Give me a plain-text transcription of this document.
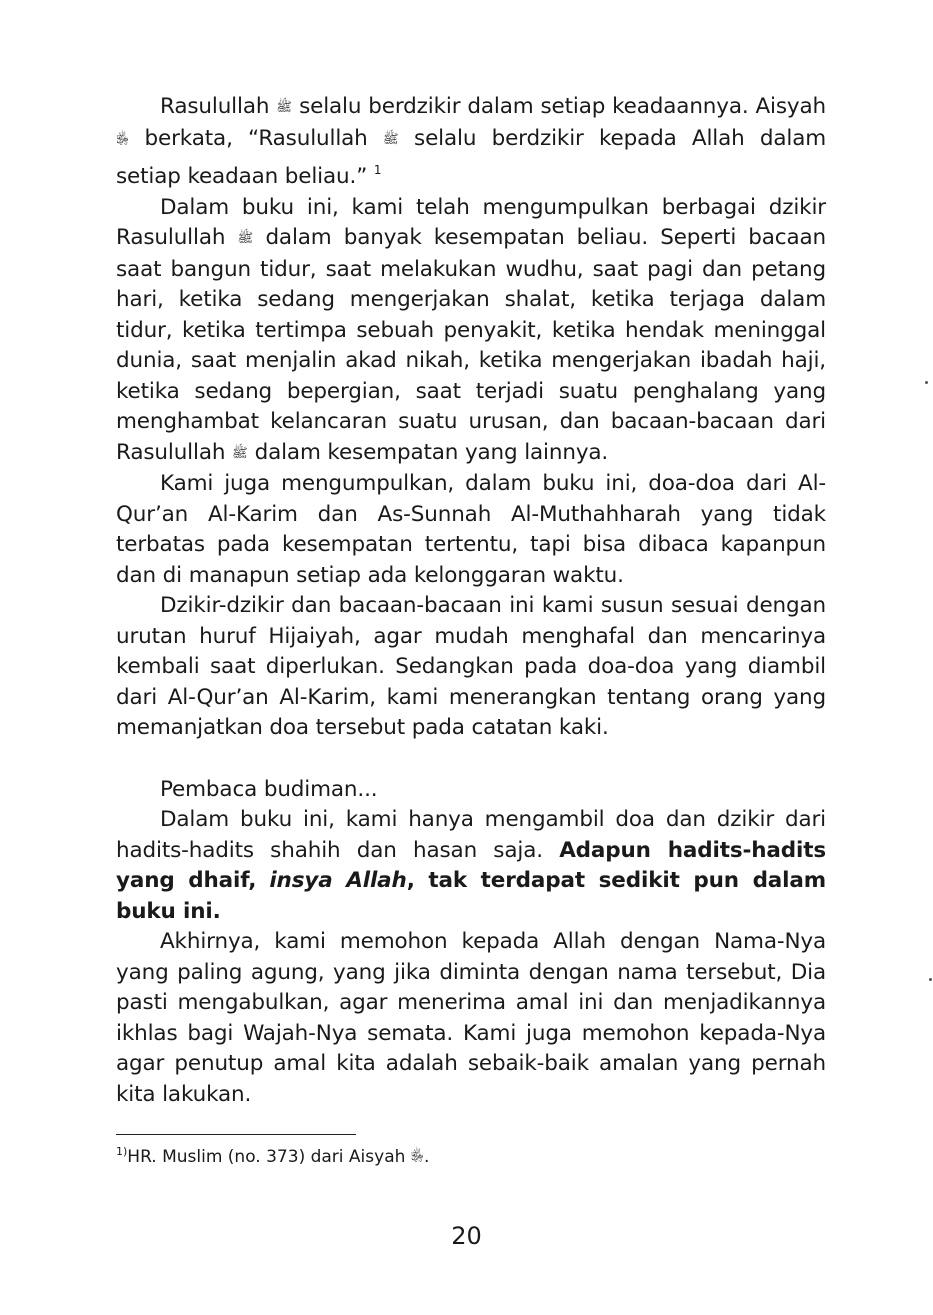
Rasulullah ﷺ selalu berdzikir dalam setiap keadaannya. Aisyah ﵂ berkata, “Rasulullah ﷺ selalu berdzikir kepada Allah dalam setiap keadaan beliau.” $^1$

Dalam buku ini, kami telah mengumpulkan berbagai dzikir Rasulullah ﷺ dalam banyak kesempatan beliau. Seperti bacaan saat bangun tidur, saat melakukan wudhu, saat pagi dan petang hari, ketika sedang mengerjakan shalat, ketika terjaga dalam tidur, ketika tertimpa sebuah penyakit, ketika hendak meninggal dunia, saat menjalin akad nikah, ketika mengerjakan ibadah haji, ketika sedang bepergian, saat terjadi suatu penghalang yang menghambat kelancaran suatu urusan, dan bacaan-bacaan dari Rasulullah ﷺ dalam kesempatan yang lainnya.

Kami juga mengumpulkan, dalam buku ini, doa-doa dari Al-Qur’an Al-Karim dan As-Sunnah Al-Muthahharah yang tidak terbatas pada kesempatan tertentu, tapi bisa dibaca kapanpun dan di manapun setiap ada kelonggaran waktu.

Dzikir-dzikir dan bacaan-bacaan ini kami susun sesuai dengan urutan huruf Hijaiyah, agar mudah menghafal dan mencarinya kembali saat diperlukan. Sedangkan pada doa-doa yang diambil dari Al-Qur’an Al-Karim, kami menerangkan tentang orang yang memanjatkan doa tersebut pada catatan kaki.

Pembaca budiman...

Dalam buku ini, kami hanya mengambil doa dan dzikir dari hadits-hadits shahih dan hasan saja. Adapun hadits-hadits yang dhaif, insya Allah, tak terdapat sedikit pun dalam buku ini.

Akhirnya, kami memohon kepada Allah dengan Nama-Nya yang paling agung, yang jika diminta dengan nama tersebut, Dia pasti mengabulkan, agar menerima amal ini dan menjadikannya ikhlas bagi Wajah-Nya semata. Kami juga memohon kepada-Nya agar penutup amal kita adalah sebaik-baik amalan yang pernah kita lakukan.

$^{1)}$HR. Muslim (no. 373) dari Aisyah ﵂.
20
